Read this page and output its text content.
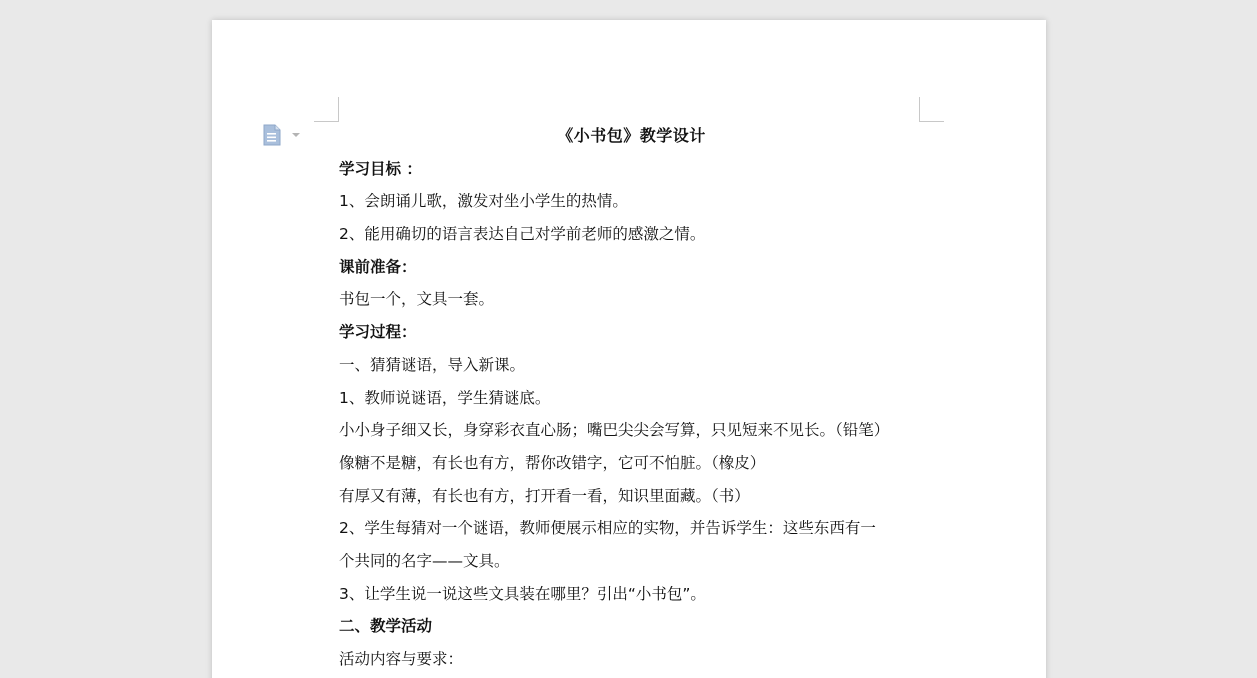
《小书包》教学设计
学习目标 ：
1、会朗诵儿歌，激发对坐小学生的热情。
2、能用确切的语言表达自己对学前老师的感激之情。
课前准备：
书包一个，文具一套。
学习过程：
一、猜猜谜语，导入新课。
1、教师说谜语，学生猜谜底。
小小身子细又长，身穿彩衣直心肠；嘴巴尖尖会写算，只见短来不见长。（铅笔）
像糖不是糖，有长也有方，帮你改错字，它可不怕脏。（橡皮）
有厚又有薄，有长也有方，打开看一看，知识里面藏。（书）
2、学生每猜对一个谜语，教师便展示相应的实物，并告诉学生：这些东西有一
个共同的名字——文具。
3、让学生说一说这些文具装在哪里？引出“小书包”。
二、教学活动
活动内容与要求：
